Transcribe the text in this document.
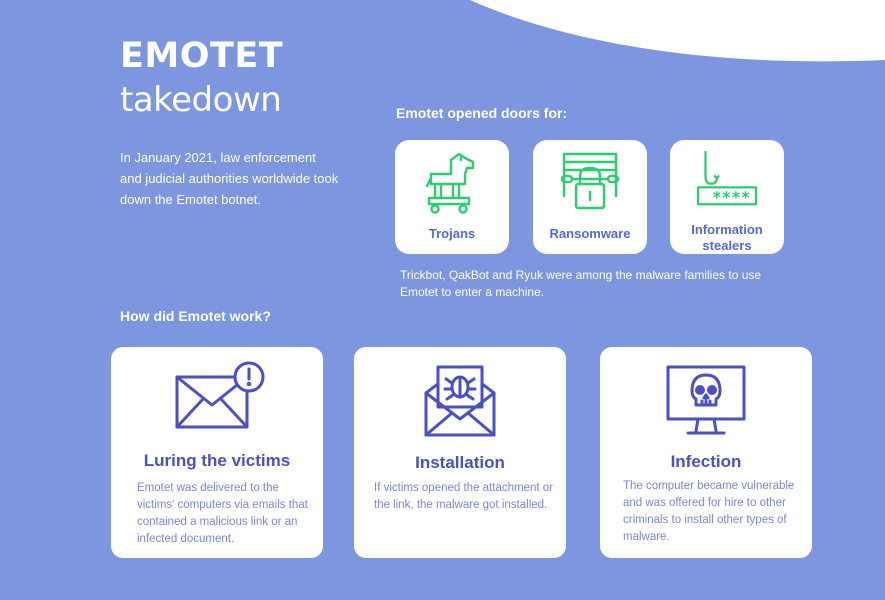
EMOTET
takedown
In January 2021, law enforcement and judicial authorities worldwide took down the Emotet botnet.
Emotet opened doors for:
Trojans	Ransomware
****
Information stealers
Trickbot, QakBot and Ryuk were among the malware families to use Emotet to enter a machine.
How did Emotet work?
Luring the victims
Emotet was delivered to the victims' computers via emails that contained a malicious link or an infected document.
Installation
If victims opened the attachment or the link, the malware got installed.
Infection
The computer became vulnerable and was offered for hire to other criminals to install other types of malware.
